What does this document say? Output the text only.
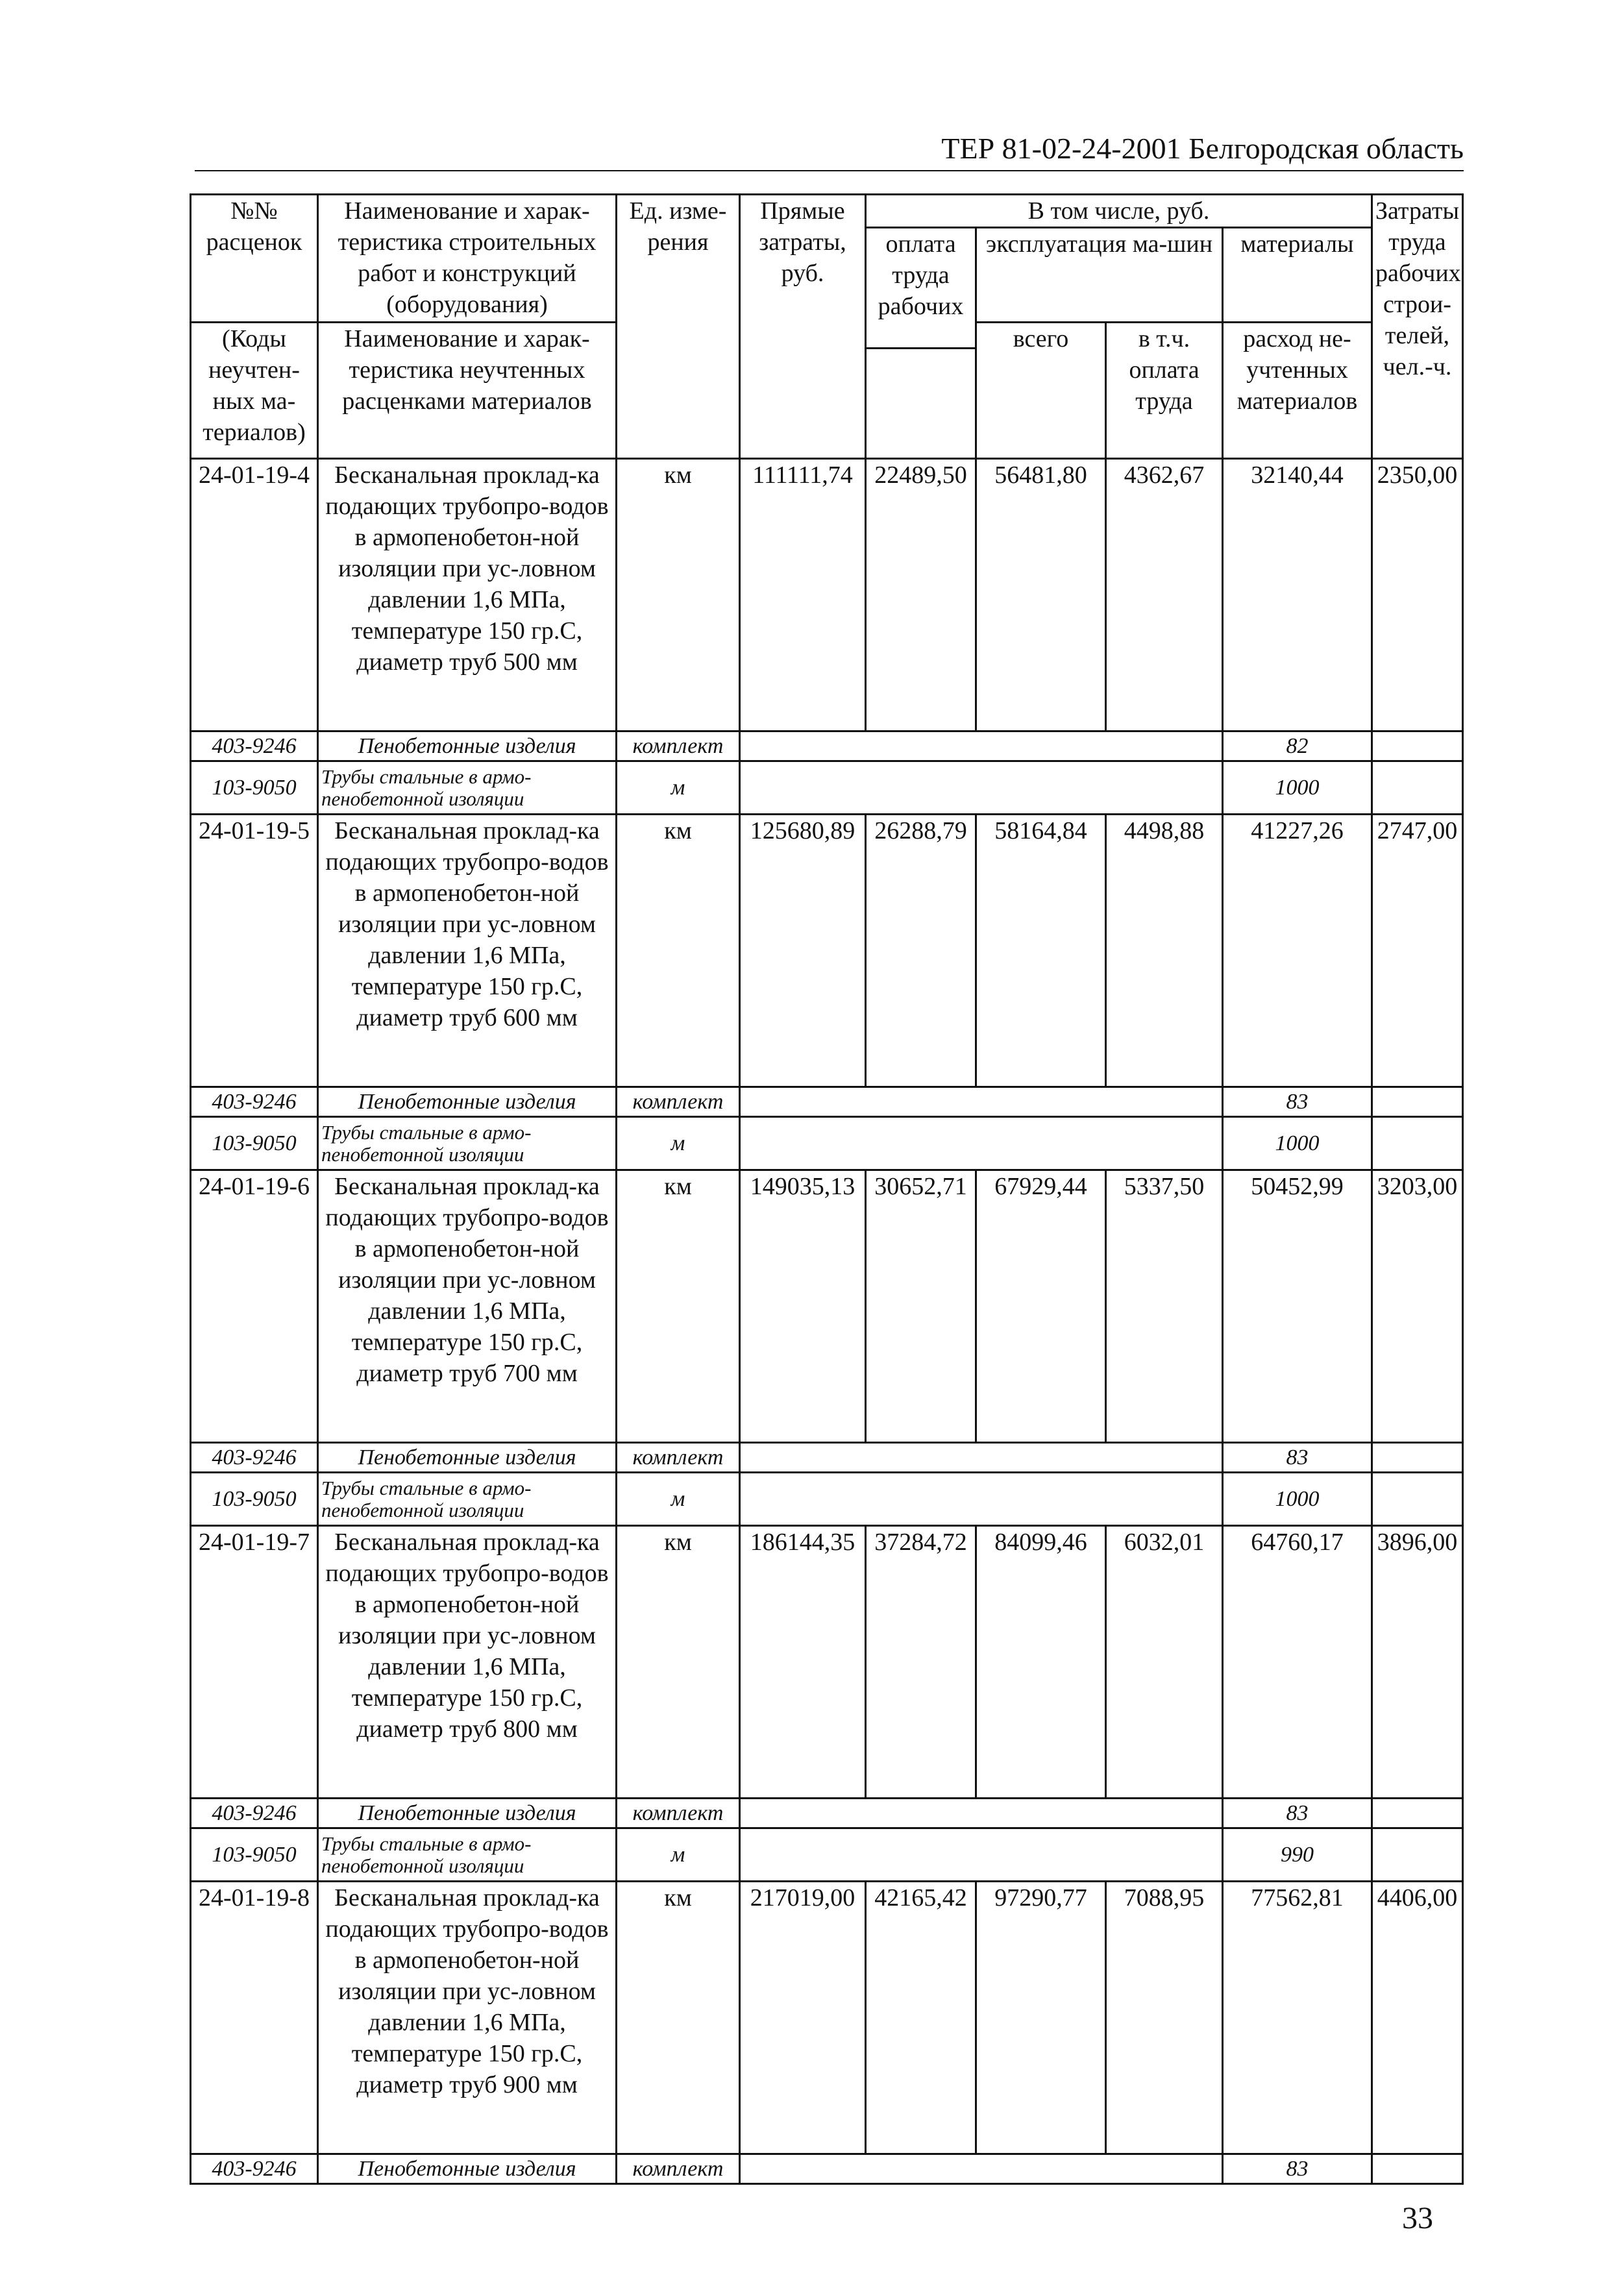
ТЕР 81-02-24-2001 Белгородская область
№№ расценок	Наименование и харак-теристика строительных работ и конструкций (оборудования)	Ед. изме-рения	Прямые затраты, руб.	В том числе, руб.				Затраты труда рабочих строи-телей, чел.-ч.
				оплата труда рабочих	эксплуатация ма-шин		материалы	

(Коды неучтен-ных ма-териалов)	Наименование и харак-теристика неучтенных расценками материалов				всего	в т.ч. оплата труда	расход не-учтенных материалов	

24-01-19-4	Бесканальная проклад-ка подающих трубопро-водов в армопенобетон-ной изоляции при ус-ловном давлении 1,6 МПа, температуре 150 гр.С, диаметр труб 500 мм	км	111111,74	22489,50	56481,80	4362,67	32140,44	2350,00
403-9246	Пенобетонные изделия	комплект					82	
103-9050	Трубы стальные в армо-пенобетонной изоляции	м					1000	
24-01-19-5	Бесканальная проклад-ка подающих трубопро-водов в армопенобетон-ной изоляции при ус-ловном давлении 1,6 МПа, температуре 150 гр.С, диаметр труб 600 мм	км	125680,89	26288,79	58164,84	4498,88	41227,26	2747,00
403-9246	Пенобетонные изделия	комплект					83	
103-9050	Трубы стальные в армо-пенобетонной изоляции	м					1000	
24-01-19-6	Бесканальная проклад-ка подающих трубопро-водов в армопенобетон-ной изоляции при ус-ловном давлении 1,6 МПа, температуре 150 гр.С, диаметр труб 700 мм	км	149035,13	30652,71	67929,44	5337,50	50452,99	3203,00
403-9246	Пенобетонные изделия	комплект					83	
103-9050	Трубы стальные в армо-пенобетонной изоляции	м					1000	
24-01-19-7	Бесканальная проклад-ка подающих трубопро-водов в армопенобетон-ной изоляции при ус-ловном давлении 1,6 МПа, температуре 150 гр.С, диаметр труб 800 мм	км	186144,35	37284,72	84099,46	6032,01	64760,17	3896,00
403-9246	Пенобетонные изделия	комплект					83	
103-9050	Трубы стальные в армо-пенобетонной изоляции	м					990	
24-01-19-8	Бесканальная проклад-ка подающих трубопро-водов в армопенобетон-ной изоляции при ус-ловном давлении 1,6 МПа, температуре 150 гр.С, диаметр труб 900 мм	км	217019,00	42165,42	97290,77	7088,95	77562,81	4406,00
403-9246	Пенобетонные изделия	комплект					83	
33
